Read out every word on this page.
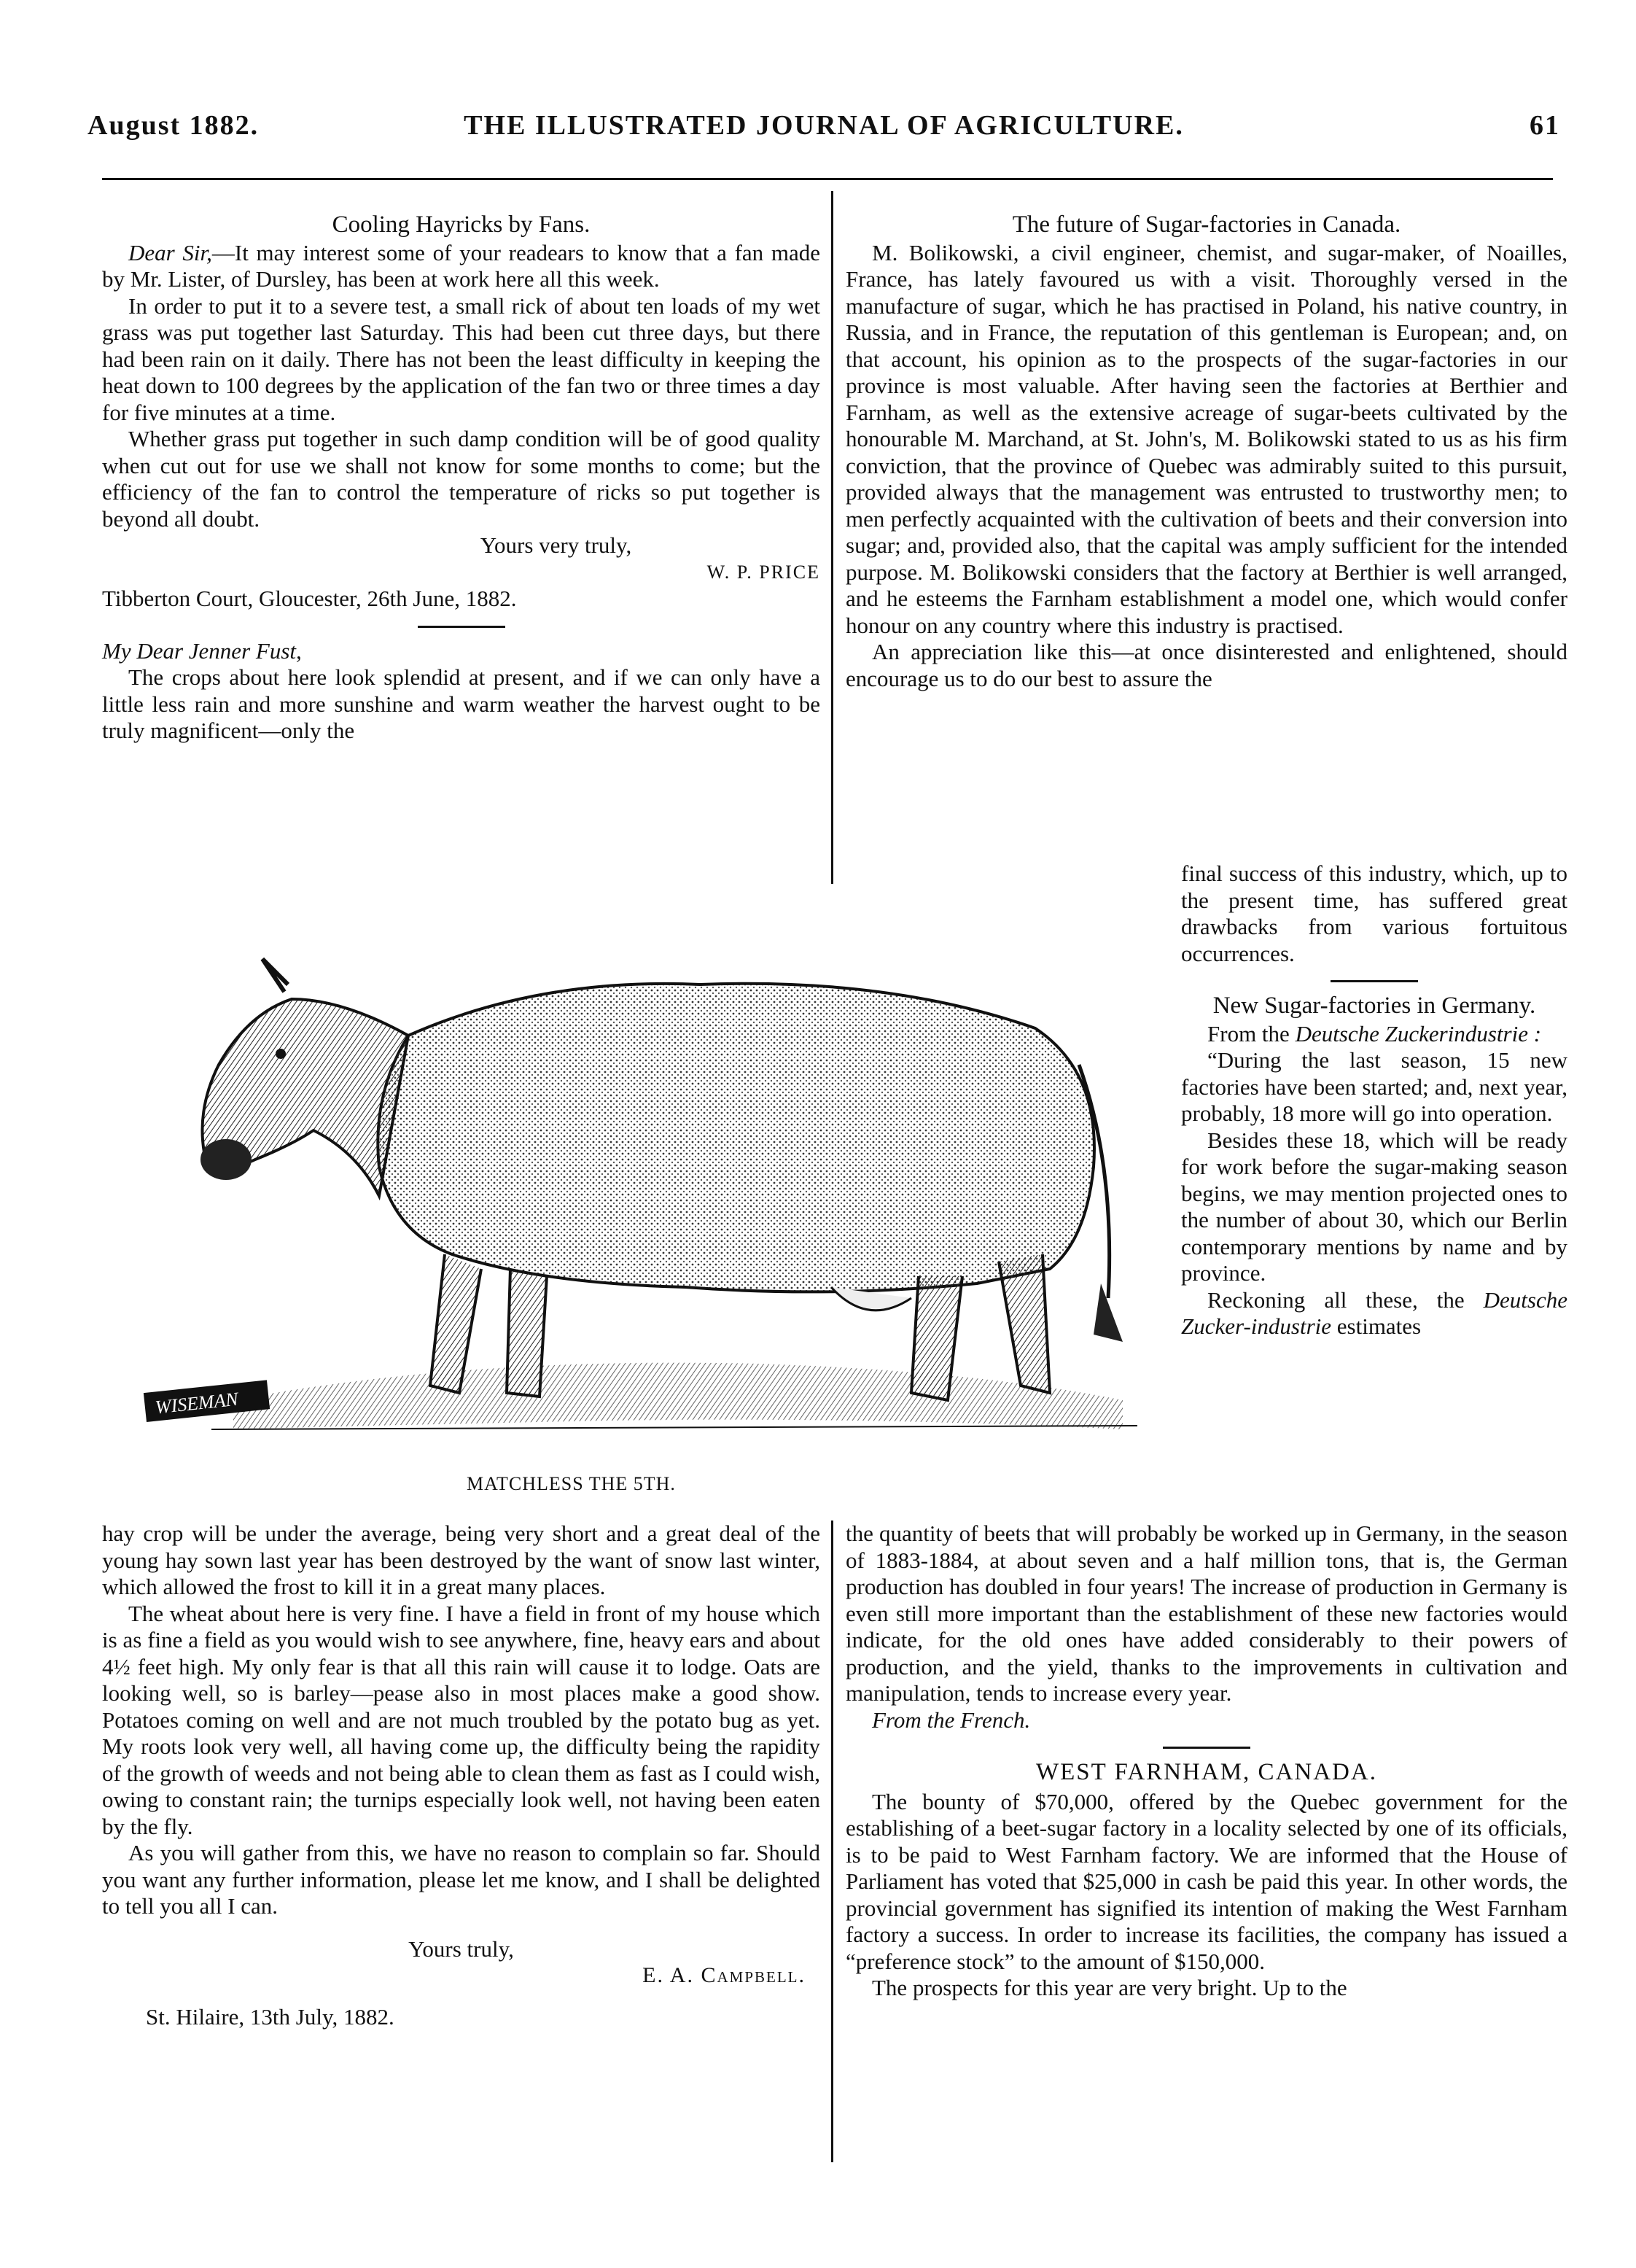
August 1882.	THE ILLUSTRATED JOURNAL OF AGRICULTURE.	61
Cooling Hayricks by Fans.

Dear Sir,—It may interest some of your readears to know that a fan made by Mr. Lister, of Dursley, has been at work here all this week.

In order to put it to a severe test, a small rick of about ten loads of my wet grass was put together last Saturday. This had been cut three days, but there had been rain on it daily. There has not been the least difficulty in keeping the heat down to 100 degrees by the application of the fan two or three times a day for five minutes at a time.

Whether grass put together in such damp condition will be of good quality when cut out for use we shall not know for some months to come; but the efficiency of the fan to control the temperature of ricks so put together is beyond all doubt.

Yours very truly,
W. P. PRICE

Tibberton Court, Gloucester, 26th June, 1882.

My Dear Jenner Fust,

The crops about here look splendid at present, and if we can only have a little less rain and more sunshine and warm weather the harvest ought to be truly magnificent—only the

The future of Sugar-factories in Canada.

M. Bolikowski, a civil engineer, chemist, and sugar-maker, of Noailles, France, has lately favoured us with a visit. Thoroughly versed in the manufacture of sugar, which he has practised in Poland, his native country, in Russia, and in France, the reputation of this gentleman is European; and, on that account, his opinion as to the prospects of the sugar-factories in our province is most valuable. After having seen the factories at Berthier and Farnham, as well as the extensive acreage of sugar-beets cultivated by the honourable M. Marchand, at St. John's, M. Bolikowski stated to us as his firm conviction, that the province of Quebec was admirably suited to this pursuit, provided always that the management was entrusted to trustworthy men; to men perfectly acquainted with the cultivation of beets and their conversion into sugar; and, provided also, that the capital was amply sufficient for the intended purpose. M. Bolikowski considers that the factory at Berthier is well arranged, and he esteems the Farnham establishment a model one, which would confer honour on any country where this industry is practised.

An appreciation like this—at once disinterested and enlightened, should encourage us to do our best to assure the

final success of this industry, which, up to the present time, has suffered great drawbacks from various fortuitous occurrences.

New Sugar-factories in Germany.

From the Deutsche Zuckerindustrie :

“During the last season, 15 new factories have been started; and, next year, probably, 18 more will go into operation.

Besides these 18, which will be ready for work before the sugar-making season begins, we may mention projected ones to the number of about 30, which our Berlin contemporary mentions by name and by province.

Reckoning all these, the Deutsche Zucker-industrie estimates

WISEMAN
MATCHLESS THE 5TH.

hay crop will be under the average, being very short and a great deal of the young hay sown last year has been destroyed by the want of snow last winter, which allowed the frost to kill it in a great many places.

The wheat about here is very fine. I have a field in front of my house which is as fine a field as you would wish to see anywhere, fine, heavy ears and about 4½ feet high. My only fear is that all this rain will cause it to lodge. Oats are looking well, so is barley—pease also in most places make a good show. Potatoes coming on well and are not much troubled by the potato bug as yet. My roots look very well, all having come up, the difficulty being the rapidity of the growth of weeds and not being able to clean them as fast as I could wish, owing to constant rain; the turnips especially look well, not having been eaten by the fly.

As you will gather from this, we have no reason to complain so far. Should you want any further information, please let me know, and I shall be delighted to tell you all I can.

Yours truly,
E. A. Campbell.

St. Hilaire, 13th July, 1882.

the quantity of beets that will probably be worked up in Germany, in the season of 1883-1884, at about seven and a half million tons, that is, the German production has doubled in four years! The increase of production in Germany is even still more important than the establishment of these new factories would indicate, for the old ones have added considerably to their powers of production, and the yield, thanks to the improvements in cultivation and manipulation, tends to increase every year.

From the French.

WEST FARNHAM, CANADA.

The bounty of $70,000, offered by the Quebec government for the establishing of a beet-sugar factory in a locality selected by one of its officials, is to be paid to West Farnham factory. We are informed that the House of Parliament has voted that $25,000 in cash be paid this year. In other words, the provincial government has signified its intention of making the West Farnham factory a success. In order to increase its facilities, the company has issued a “preference stock” to the amount of $150,000.

The prospects for this year are very bright. Up to the
